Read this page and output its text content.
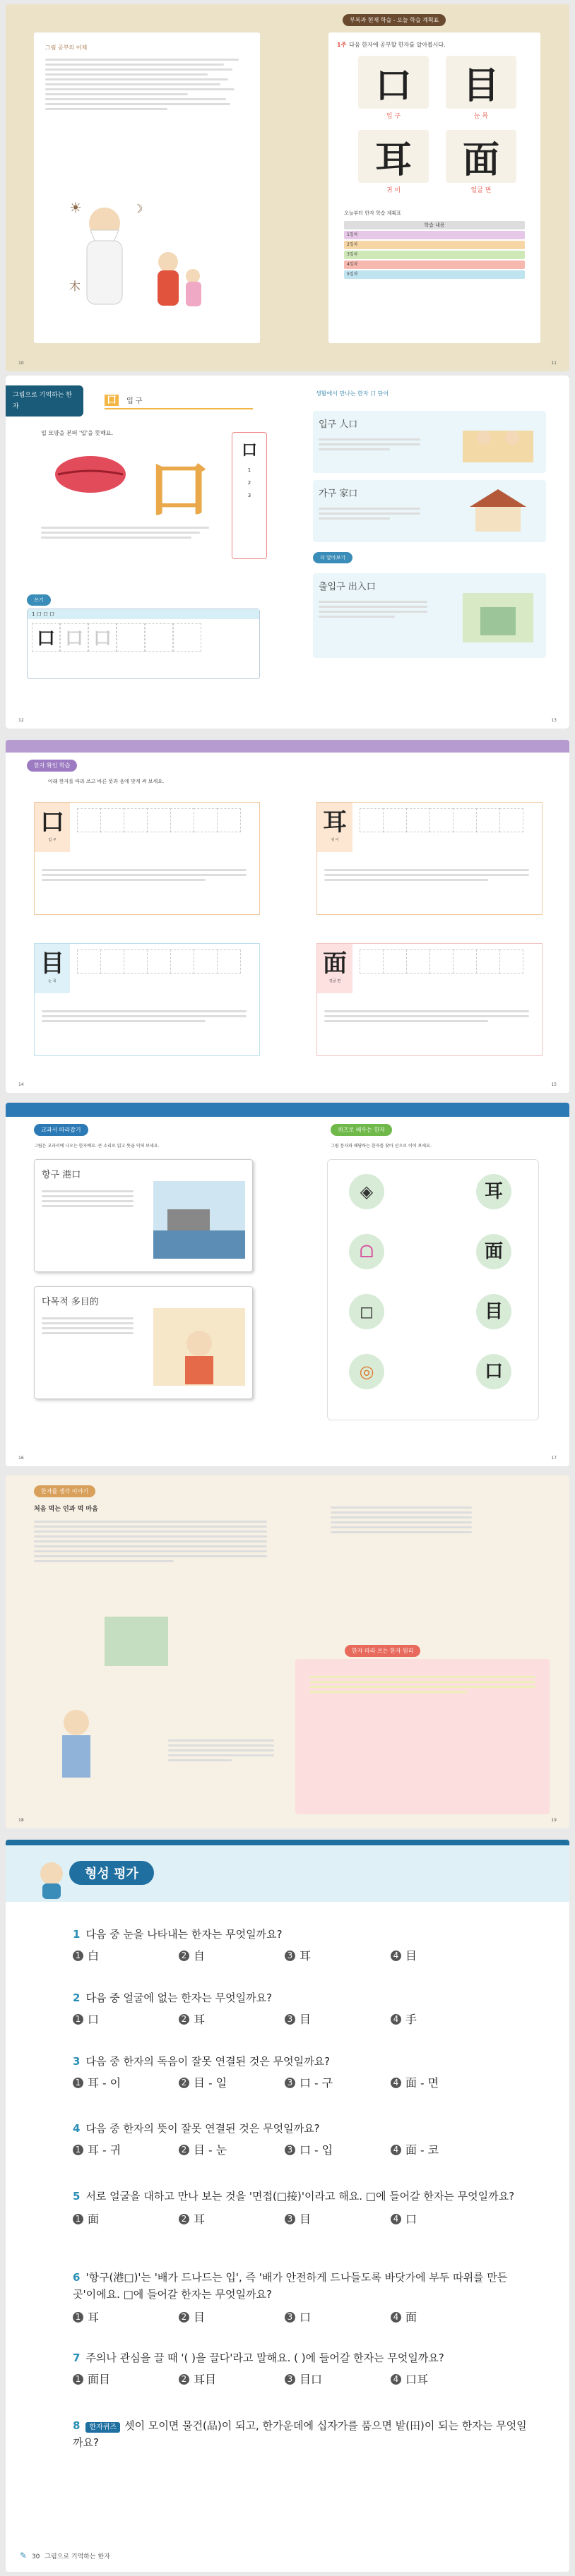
그림 공부의 어제
☀	☽
木
10
부록과 현재 학습 - 오늘 학습 계획표
1주 다음 한자에 공부할 한자를 알아봅시다.
口
입 구
目
눈 목
耳
귀 이
面
얼굴 면
오늘부터 한자 학습 계획표
학습 내용
1일차
2일차
3일차
4일차
5일차
11
그림으로 기억하는 한자
口 입 구
입 모양을 본떠 '입'을 뜻해요.
口
口
1
2
3
쓰기
1 口 口 口
口 口 口
12
생활에서 만나는 한자 口 단어
입구 人口
가구 家口
더 알아보기
출입구 出入口
13
한자 확인 학습
아래 한자를 따라 쓰고 바른 뜻과 음에 맞게 써 보세요.
口
입 구
耳
귀 이
目
눈 목
面
얼굴 면
14	15
교과서 따라잡기	퀴즈로 배우는 한자
그림은 교과서에 나오는 한자예요. 큰 소리로 읽고 뜻을 익혀 보세요.	그림 문자와 해당하는 한자를 찾아 선으로 이어 보세요.
항구 港口
다목적 多目的
◈
ᗝ
◻
◎
耳
面
目
口
16	17
한자를 생각 이야기
처음 먹는 인과 먹 마음
한자 따라 쓰는 한자 원리
18	19
형성 평가
1 다음 중 눈을 나타내는 한자는 무엇일까요?
1 白	2 自	3 耳	4 目
2 다음 중 얼굴에 없는 한자는 무엇일까요?
1 口	2 耳	3 目	4 手
3 다음 중 한자의 독음이 잘못 연결된 것은 무엇일까요?
1 耳 - 이	2 目 - 일	3 口 - 구	4 面 - 면
4 다음 중 한자의 뜻이 잘못 연결된 것은 무엇일까요?
1 耳 - 귀	2 目 - 눈	3 口 - 입	4 面 - 코
5 서로 얼굴을 대하고 만나 보는 것을 '면접(□接)'이라고 해요. □에 들어갈 한자는 무엇일까요?
1 面	2 耳	3 目	4 口
6 '항구(港□)'는 '배가 드나드는 입', 즉 '배가 안전하게 드나들도록 바닷가에 부두 따위를 만든 곳'이에요. □에 들어갈 한자는 무엇일까요?
1 耳	2 目	3 口	4 面
7 주의나 관심을 끌 때 '( )을 끌다'라고 말해요. ( )에 들어갈 한자는 무엇일까요?
1 面目	2 耳目	3 目口	4 口耳
8 한자퀴즈 셋이 모이면 물건(品)이 되고, 한가운데에 십자가를 품으면 밭(田)이 되는 한자는 무엇일까요?
✎ 30 그림으로 기억하는 한자
